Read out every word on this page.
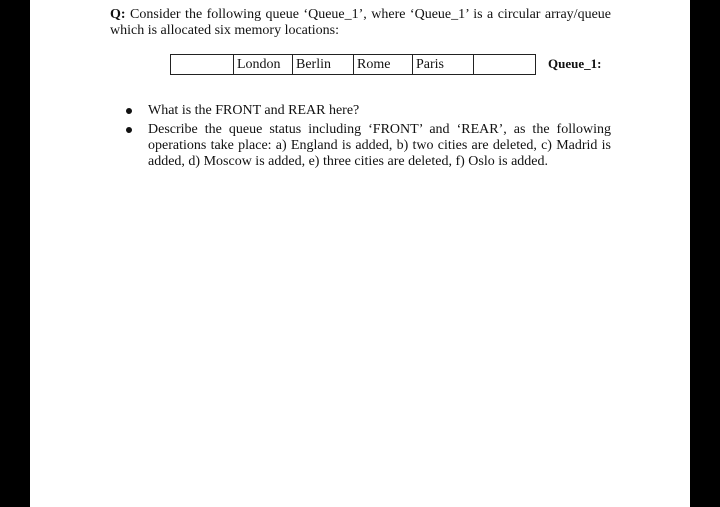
Q: Consider the following queue ‘Queue_1’, where ‘Queue_1’ is a circular array/queue which is allocated six memory locations:
London	Berlin	Rome	Paris	Queue_1:
What is the FRONT and REAR here?
Describe the queue status including ‘FRONT’ and ‘REAR’, as the following operations take place: a) England is added, b) two cities are deleted, c) Madrid is added, d) Moscow is added, e) three cities are deleted, f) Oslo is added.
